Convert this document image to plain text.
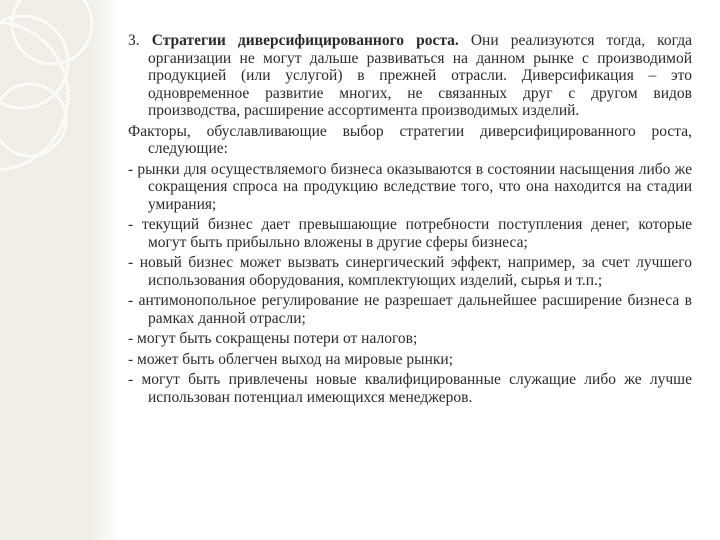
3. Стратегии диверсифицированного роста. Они реализуются тогда, когда организации не могут дальше развиваться на данном рынке с производимой продукцией (или услугой) в прежней отрасли. Диверсификация – это одновременное развитие многих, не связанных друг с другом видов производства, расширение ассортимента производимых изделий.

Факторы, обуславливающие выбор стратегии диверсифицированного роста, следующие:

- рынки для осуществляемого бизнеса оказываются в состоянии насыщения либо же сокращения спроса на продукцию вследствие того, что она находится на стадии умирания;

- текущий бизнес дает превышающие потребности поступления денег, которые могут быть прибыльно вложены в другие сферы бизнеса;

- новый бизнес может вызвать синергический эффект, например, за счет лучшего использования оборудования, комплектующих изделий, сырья и т.п.;

- антимонопольное регулирование не разрешает дальнейшее расширение бизнеса в рамках данной отрасли;

- могут быть сокращены потери от налогов;

- может быть облегчен выход на мировые рынки;

- могут быть привлечены новые квалифицированные служащие либо же лучше использован потенциал имеющихся менеджеров.
